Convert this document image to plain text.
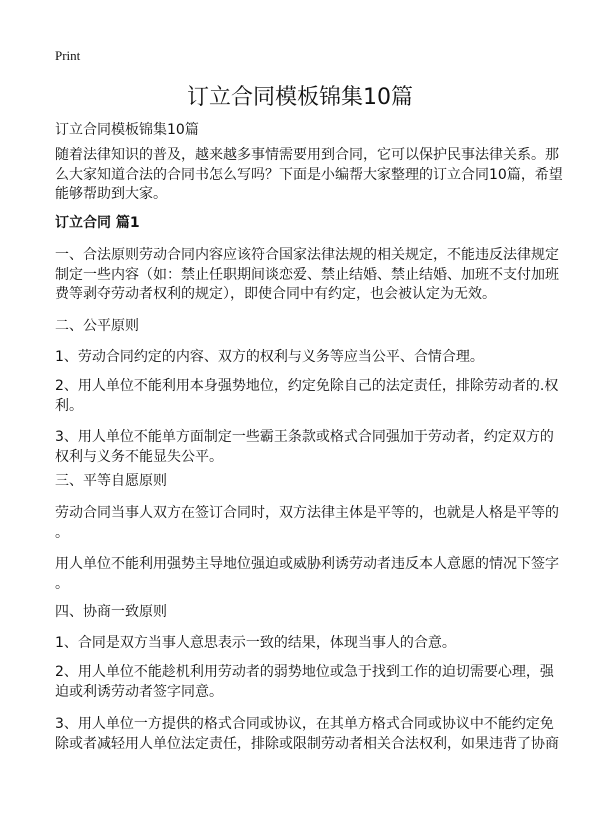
Print
订立合同模板锦集10篇
订立合同模板锦集10篇
随着法律知识的普及，越来越多事情需要用到合同，它可以保护民事法律关系。那
么大家知道合法的合同书怎么写吗？下面是小编帮大家整理的订立合同10篇，希望
能够帮助到大家。
订立合同 篇1
一、合法原则劳动合同内容应该符合国家法律法规的相关规定，不能违反法律规定
制定一些内容（如：禁止任职期间谈恋爱、禁止结婚、禁止结婚、加班不支付加班
费等剥夺劳动者权利的规定），即使合同中有约定，也会被认定为无效。
二、公平原则
1、劳动合同约定的内容、双方的权利与义务等应当公平、合情合理。
2、用人单位不能利用本身强势地位，约定免除自己的法定责任，排除劳动者的.权
利。
3、用人单位不能单方面制定一些霸王条款或格式合同强加于劳动者，约定双方的
权利与义务不能显失公平。
三、平等自愿原则
劳动合同当事人双方在签订合同时，双方法律主体是平等的，也就是人格是平等的
。
用人单位不能利用强势主导地位强迫或威胁利诱劳动者违反本人意愿的情况下签字
。
四、协商一致原则
1、合同是双方当事人意思表示一致的结果，体现当事人的合意。
2、用人单位不能趁机利用劳动者的弱势地位或急于找到工作的迫切需要心理，强
迫或利诱劳动者签字同意。
3、用人单位一方提供的格式合同或协议，在其单方格式合同或协议中不能约定免
除或者减轻用人单位法定责任，排除或限制劳动者相关合法权利，如果违背了协商
